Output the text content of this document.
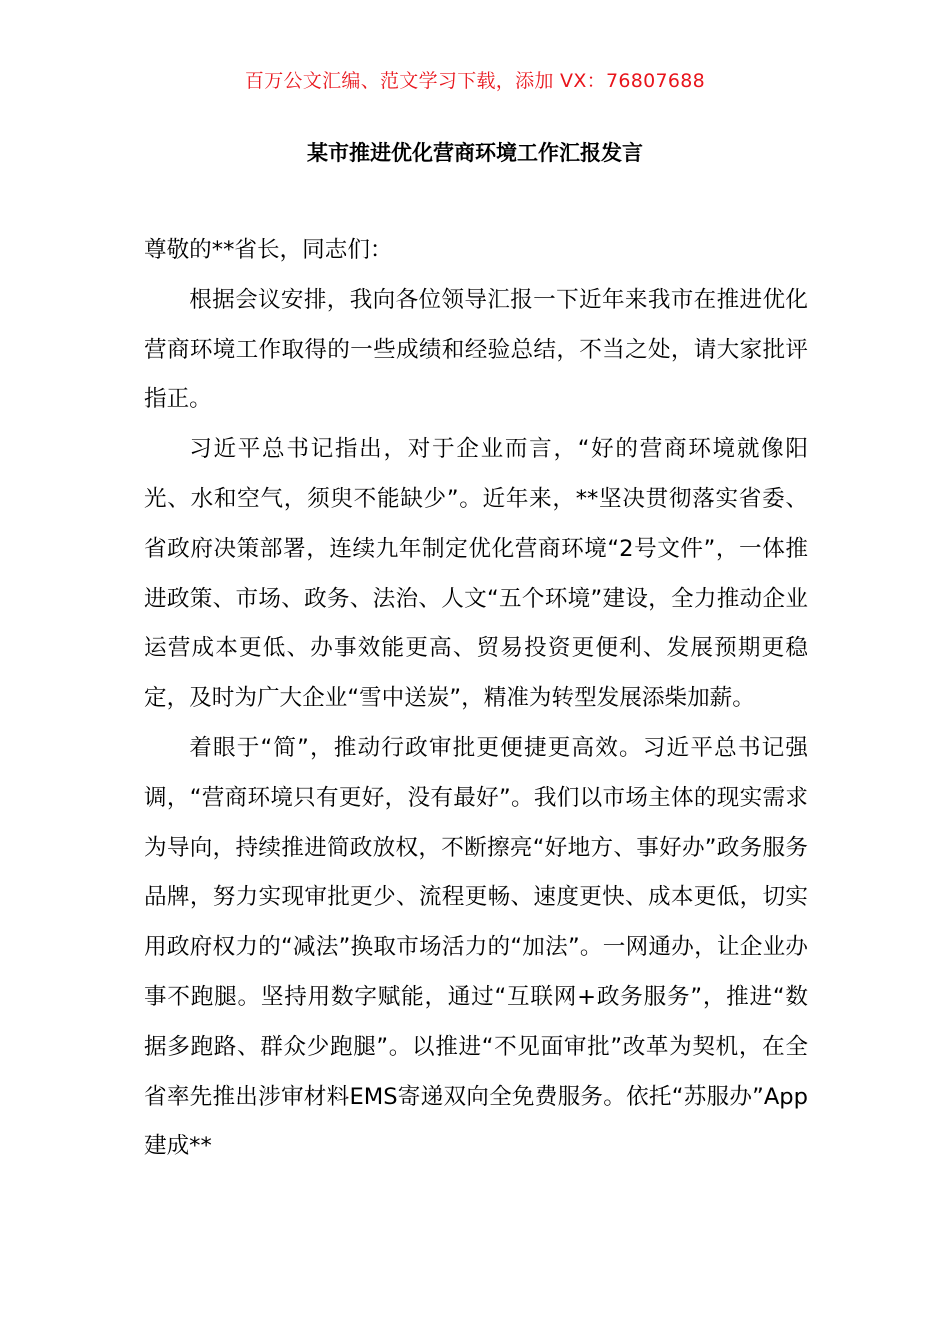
百万公文汇编、范文学习下载，添加 VX：76807688
某市推进优化营商环境工作汇报发言

尊敬的**省长，同志们：

根据会议安排，我向各位领导汇报一下近年来我市在推进优化营商环境工作取得的一些成绩和经验总结，不当之处，请大家批评指正。

习近平总书记指出，对于企业而言，“好的营商环境就像阳光、水和空气，须臾不能缺少”。近年来，**坚决贯彻落实省委、省政府决策部署，连续九年制定优化营商环境“2号文件”，一体推进政策、市场、政务、法治、人文“五个环境”建设，全力推动企业运营成本更低、办事效能更高、贸易投资更便利、发展预期更稳定，及时为广大企业“雪中送炭”，精准为转型发展添柴加薪。

着眼于“简”，推动行政审批更便捷更高效。习近平总书记强调，“营商环境只有更好，没有最好”。我们以市场主体的现实需求为导向，持续推进简政放权，不断擦亮“好地方、事好办”政务服务品牌，努力实现审批更少、流程更畅、速度更快、成本更低，切实用政府权力的“减法”换取市场活力的“加法”。一网通办，让企业办事不跑腿。坚持用数字赋能，通过“互联网+政务服务”，推进“数据多跑路、群众少跑腿”。以推进“不见面审批”改革为契机，在全省率先推出涉审材料EMS寄递双向全免费服务。依托“苏服办”App建成**
